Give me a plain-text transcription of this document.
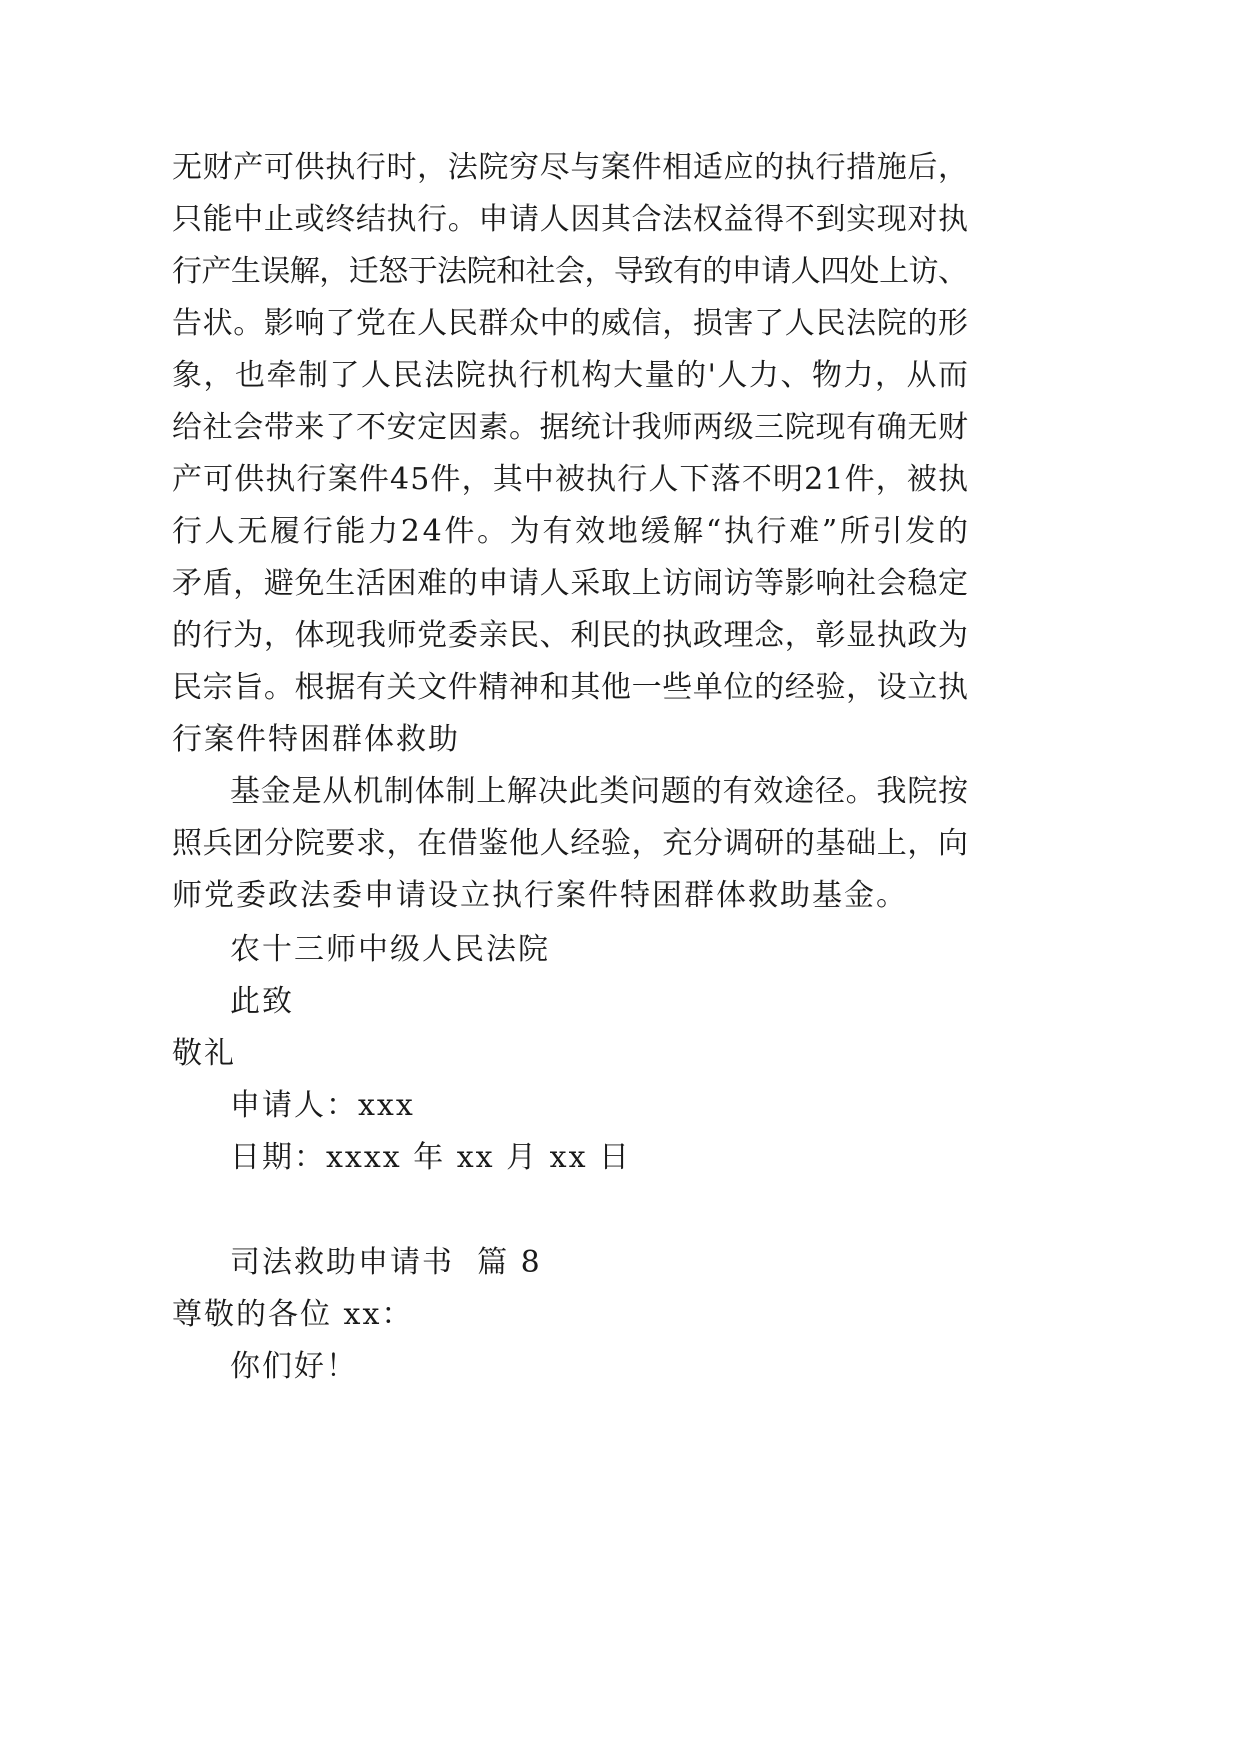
无财产可供执行时，法院穷尽与案件相适应的执行措施后，
只能中止或终结执行。申请人因其合法权益得不到实现对执
行产生误解，迁怒于法院和社会，导致有的申请人四处上访、
告状。影响了党在人民群众中的威信，损害了人民法院的形
象，也牵制了人民法院执行机构大量的'人力、物力，从而
给社会带来了不安定因素。据统计我师两级三院现有确无财
产可供执行案件45件，其中被执行人下落不明21件，被执
行人无履行能力24件。为有效地缓解“执行难”所引发的
矛盾，避免生活困难的申请人采取上访闹访等影响社会稳定
的行为，体现我师党委亲民、利民的执政理念，彰显执政为
民宗旨。根据有关文件精神和其他一些单位的经验，设立执
行案件特困群体救助
基金是从机制体制上解决此类问题的有效途径。我院按
照兵团分院要求，在借鉴他人经验，充分调研的基础上，向
师党委政法委申请设立执行案件特困群体救助基金。
农十三师中级人民法院
此致
敬礼
申请人：xxx
日期：xxxx 年 xx 月 xx 日
司法救助申请书  篇 8
尊敬的各位 xx：
你们好！
